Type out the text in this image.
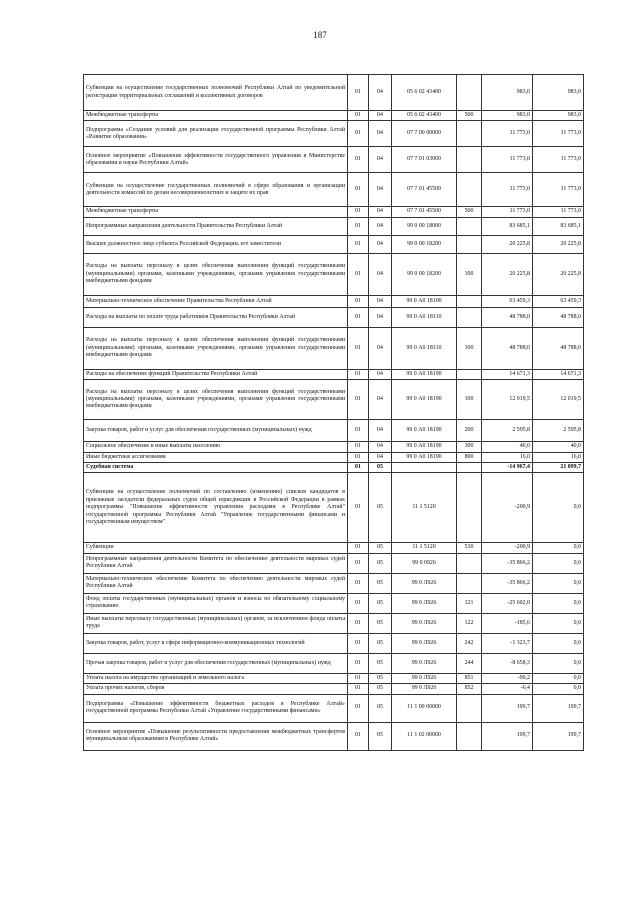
187
Субвенции на осуществление государственных полномочий Республики Алтай по уведомительной регистрации территориальных соглашений и коллективных договоров	01	04	05 6 02 43400		983,0	983,0
Межбюджетные трансферты	01	04	05 6 02 43400	500	983,0	983,0
Подпрограмма «Создание условий для реализации государственной программы Республики Алтай «Развитие образования»	01	04	07 7 00 00000		11 773,0	11 773,0
Основное мероприятие «Повышение эффективности государственного управления в Министерстве образования и науки Республики Алтай»	01	04	07 7 01 03000		11 773,0	11 773,0
Субвенции на осуществление государственных полномочий в сфере образования и организации деятельности комиссий по делам несовершеннолетних и защите их прав	01	04	07 7 01 45500		11 773,0	11 773,0
Межбюджетные трансферты	01	04	07 7 01 45500	500	11 773,0	11 773,0
Непрограммные направления деятельности Правительства Республики Алтай	01	04	99 0 00 18000		83 685,1	83 685,1
Высшее должностное лицо субъекта Российской Федерации, его заместители	01	04	99 0 00 18200		20 225,8	20 225,8
Расходы на выплаты персоналу в целях обеспечения выполнения функций государственными (муниципальными) органами, казенными учреждениями, органами управления государственными внебюджетными фондами	01	04	99 0 00 18200	100	20 225,8	20 225,8
Материально-техническое обеспечение Правительства Республики Алтай	01	04	99 0 А0 18100		63 459,3	63 459,3
Расходы на выплаты по оплате труда работников Правительства Республики Алтай	01	04	99 0 А0 18110		48 788,0	48 788,0
Расходы на выплаты персоналу в целях обеспечения выполнения функций государственными (муниципальными) органами, казенными учреждениями, органами управления государственными внебюджетными фондами	01	04	99 0 А0 18110	100	48 788,0	48 788,0
Расходы на обеспечение функций Правительства Республики Алтай	01	04	99 0 А0 18190		14 671,3	14 671,3
Расходы на выплаты персоналу в целях обеспечения выполнения функций государственными (муниципальными) органами, казенными учреждениями, органами управления государственными внебюджетными фондами	01	04	99 0 А0 18190	100	12 019,5	12 019,5
Закупка товаров, работ и услуг для обеспечения государственных (муниципальных) нужд	01	04	99 0 А0 18190	200	2 595,8	2 595,8
Социальное обеспечение и иные выплаты населению	01	04	99 0 А0 18190	300	40,0	40,0
Иные бюджетные ассигнования	01	04	99 0 А0 18190	800	16,0	16,0
Судебная система	01	05			-14 967,4	21 099,7
Субвенции на осуществление полномочий по составлению (изменению) списков кандидатов в присяжные заседатели федеральных судов общей юрисдикции в Российской Федерации в рамках подпрограммы "Повышение эффективности управления расходами в Республике Алтай" государственной программы Республики Алтай "Управление государственными финансами и государственным имуществом"	01	05	11 1 5120		-200,9	0,0
Субвенции	01	05	11 1 5120	530	-200,9	0,0
Непрограммные направления деятельности Комитета по обеспечению деятельности мировых судей Республики Алтай	01	05	99 0 0926		-35 866,2	0,0
Материально-техническое обеспечение Комитета по обеспечению деятельности мировых судей Республики Алтай	01	05	99 0 Л926		-35 866,2	0,0
Фонд оплаты государственных (муниципальных) органов и взносы по обязательному социальному страхованию	01	05	99 0 Л926	121	-25 602,0	0,0
Иные выплаты персоналу государственных (муниципальных) органов, за исключением фонда оплаты труда	01	05	99 0 Л926	122	-185,6	0,0
Закупка товаров, работ, услуг в сфере информационно-коммуникационных технологий	01	05	99 0 Л926	242	-1 323,7	0,0
Прочая закупка товаров, работ и услуг для обеспечения государственных (муниципальных) нужд	01	05	99 0 Л926	244	-8 658,3	0,0
Уплата налога на имущество организаций и земельного налога	01	05	99 0 Л926	851	-90,2	0,0
Уплата прочих налогов, сборов	01	05	99 0 Л926	852	-6,4	0,0
Подпрограмма «Повышение эффективности бюджетных расходов в Республике Алтай» государственной программы Республики Алтай «Управление государственными финансами»	01	05	11 1 00 00000		199,7	199,7
Основное мероприятие «Повышение результативности предоставления межбюджетных трансфертов муниципальным образованиям в Республике Алтай»	01	05	11 1 02 00000		199,7	199,7
